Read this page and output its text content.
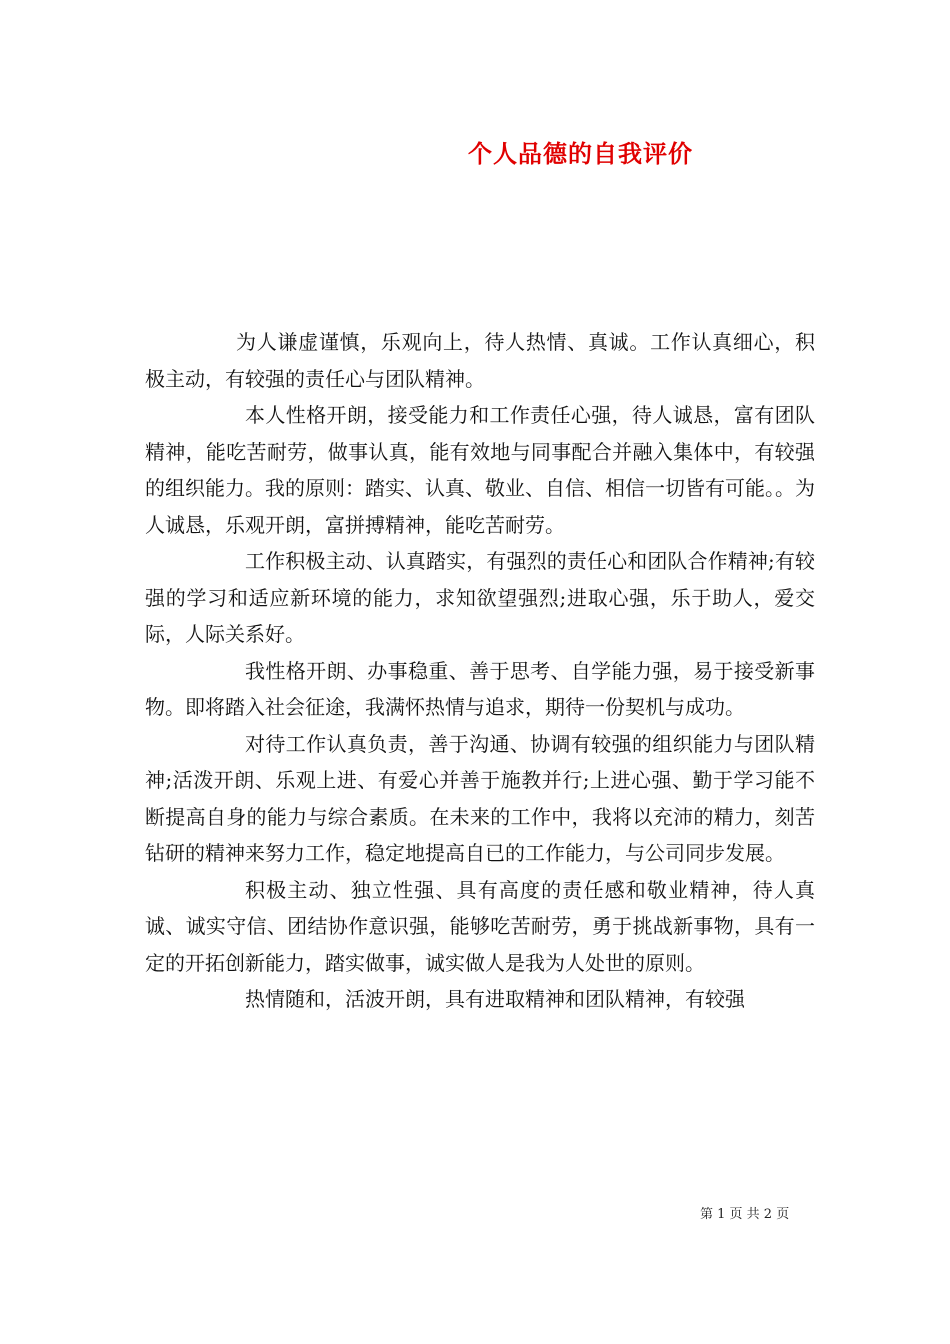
个人品德的自我评价

为人谦虚谨慎，乐观向上，待人热情、真诚。工作认真细心，积极主动，有较强的责任心与团队精神。

本人性格开朗，接受能力和工作责任心强，待人诚恳，富有团队精神，能吃苦耐劳，做事认真，能有效地与同事配合并融入集体中，有较强的组织能力。我的原则：踏实、认真、敬业、自信、相信一切皆有可能。。为人诚恳，乐观开朗，富拼搏精神，能吃苦耐劳。

工作积极主动、认真踏实，有强烈的责任心和团队合作精神;有较强的学习和适应新环境的能力，求知欲望强烈;进取心强，乐于助人，爱交际，人际关系好。

我性格开朗、办事稳重、善于思考、自学能力强，易于接受新事物。即将踏入社会征途，我满怀热情与追求，期待一份契机与成功。

对待工作认真负责，善于沟通、协调有较强的组织能力与团队精神;活泼开朗、乐观上进、有爱心并善于施教并行;上进心强、勤于学习能不断提高自身的能力与综合素质。在未来的工作中，我将以充沛的精力，刻苦钻研的精神来努力工作，稳定地提高自已的工作能力，与公司同步发展。

积极主动、独立性强、具有高度的责任感和敬业精神，待人真诚、诚实守信、团结协作意识强，能够吃苦耐劳，勇于挑战新事物，具有一定的开拓创新能力，踏实做事，诚实做人是我为人处世的原则。

热情随和，活波开朗，具有进取精神和团队精神，有较强

第 1 页 共 2 页
